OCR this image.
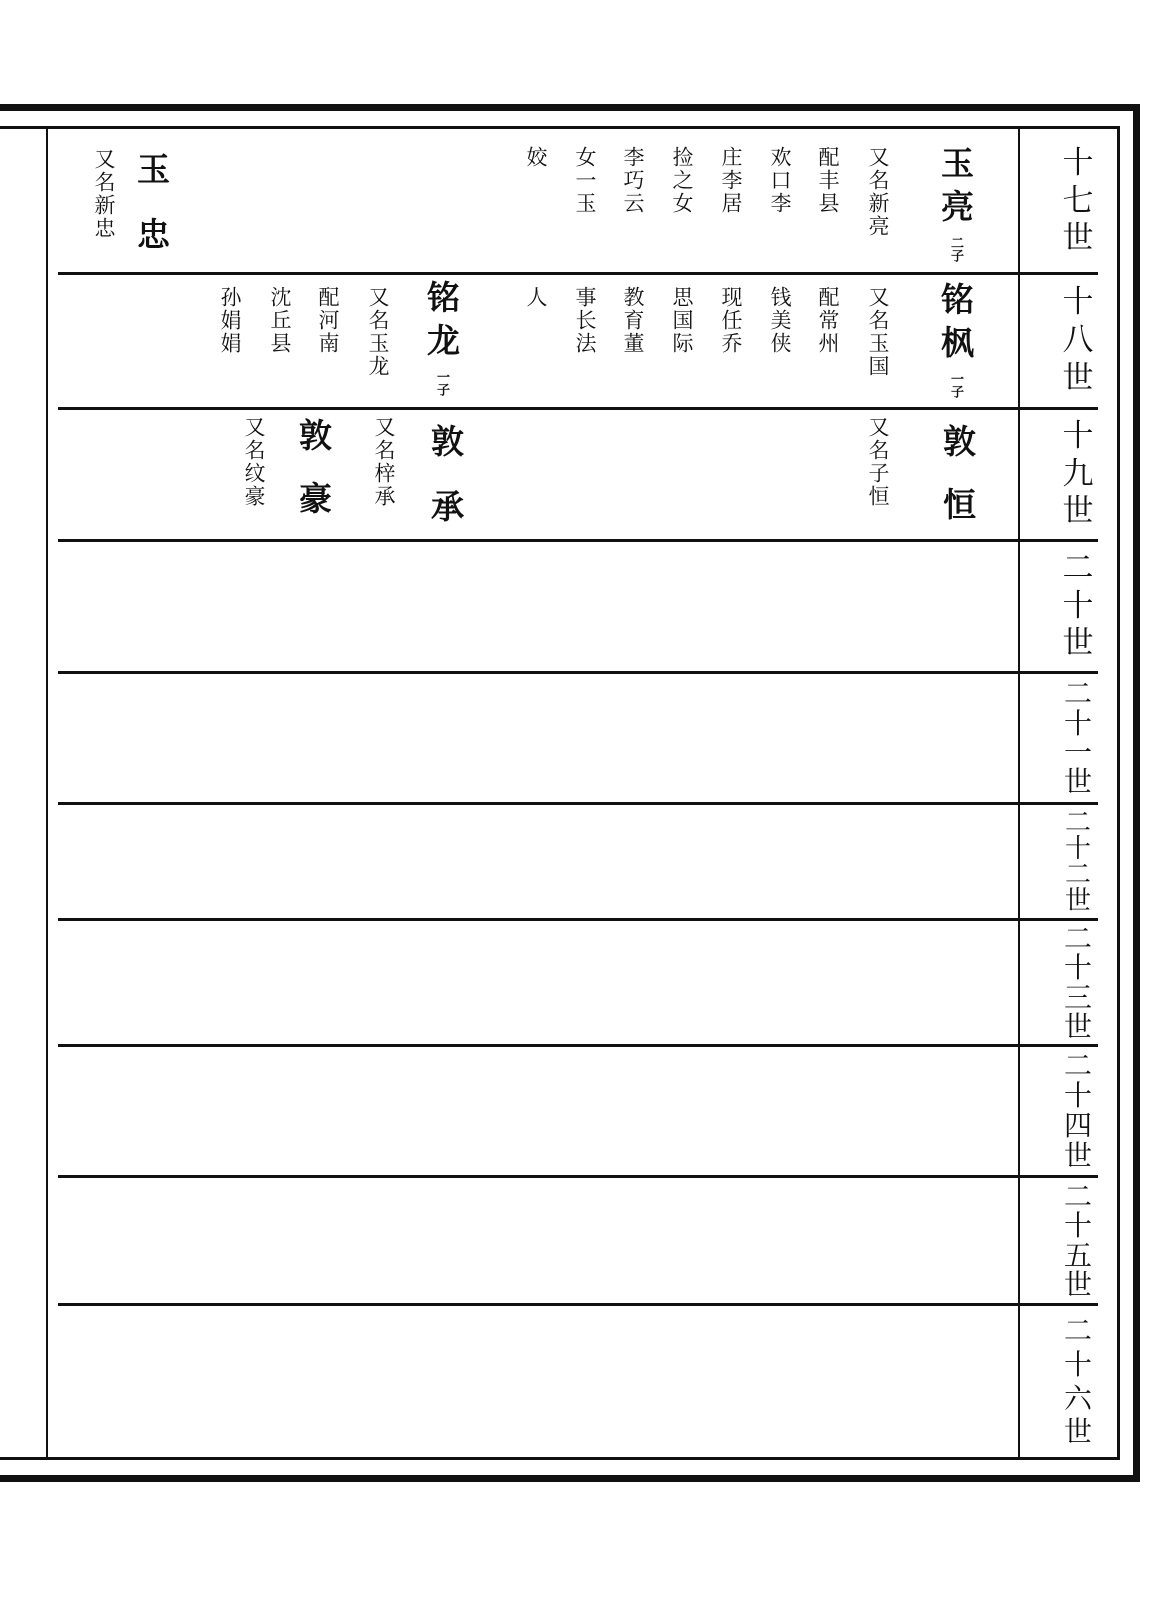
十
七
世
十
八
世
十
九
世
二
十
世
二
十
一
世
二
十
二
世
二
十
三
世
二
十
四
世
二
十
五
世
二
十
六
世
玉亮二子
又名新亮
配丰县
欢口李
庄李居
捡之女
李巧云
女一玉
姣
玉忠
又名新忠
铭枫一子
又名玉国
配常州
钱美侠
现任乔
思国际
教育董
事长法
人
铭龙一子
又名玉龙
配河南
沈丘县
孙娟娟
敦恒
又名子恒
敦承
又名梓承
敦豪
又名纹豪
